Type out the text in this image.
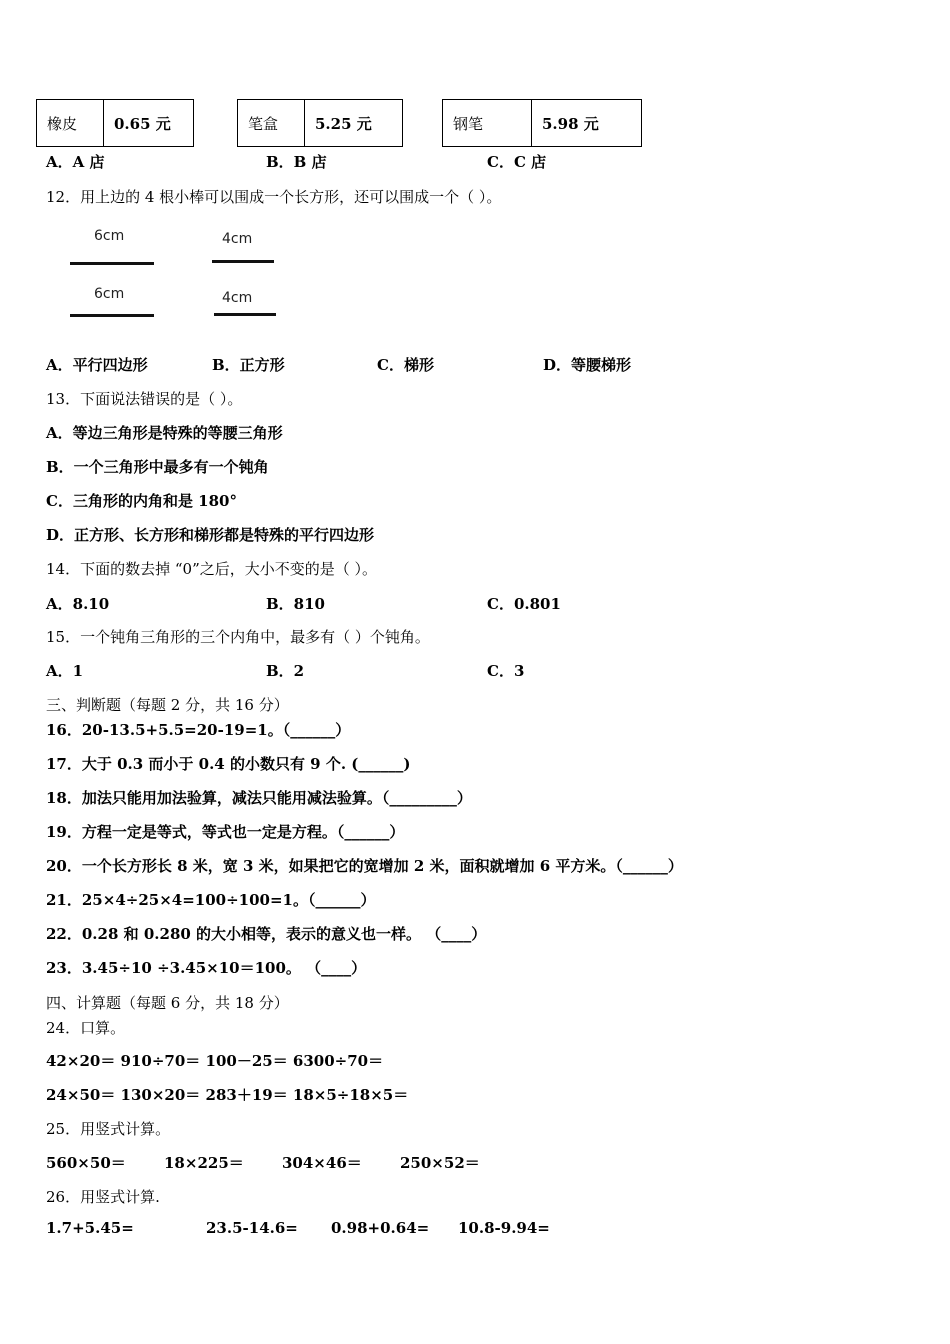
橡皮	0.65 元	笔盒	5.25 元	钢笔	5.98 元
A．A 店	B．B 店	C．C 店
12．用上边的 4 根小棒可以围成一个长方形，还可以围成一个（ ）。
6cm	4cm
6cm	4cm
A．平行四边形	B．正方形	C．梯形	D．等腰梯形
13．下面说法错误的是（ ）。
A．等边三角形是特殊的等腰三角形
B．一个三角形中最多有一个钝角
C．三角形的内角和是 180°
D．正方形、长方形和梯形都是特殊的平行四边形
14．下面的数去掉 “0”之后，大小不变的是（ ）。
A．8.10	B．810	C．0.801
15．一个钝角三角形的三个内角中，最多有（ ）个钝角。
A．1	B．2	C．3
三、判断题（每题 2 分，共 16 分）
16．20-13.5+5.5=20-19=1。（______）
17．大于 0.3 而小于 0.4 的小数只有 9 个. (______)
18．加法只能用加法验算，减法只能用减法验算。（_________）
19．方程一定是等式，等式也一定是方程。（______）
20．一个长方形长 8 米，宽 3 米，如果把它的宽增加 2 米，面积就增加 6 平方米。（______）
21．25×4÷25×4=100÷100=1。（______）
22．0.28 和 0.280 的大小相等，表示的意义也一样。 （____）
23．3.45÷10 ÷3.45×10＝100。 （____）
四、计算题（每题 6 分，共 18 分）
24．口算。
42×20＝ 910÷70＝ 100－25＝ 6300÷70＝
24×50＝ 130×20＝ 283＋19＝ 18×5÷18×5＝
25．用竖式计算。
560×50＝	18×225＝	304×46＝	250×52＝
26．用竖式计算.
1.7+5.45=	23.5-14.6= 0.98+0.64= 10.8-9.94=
